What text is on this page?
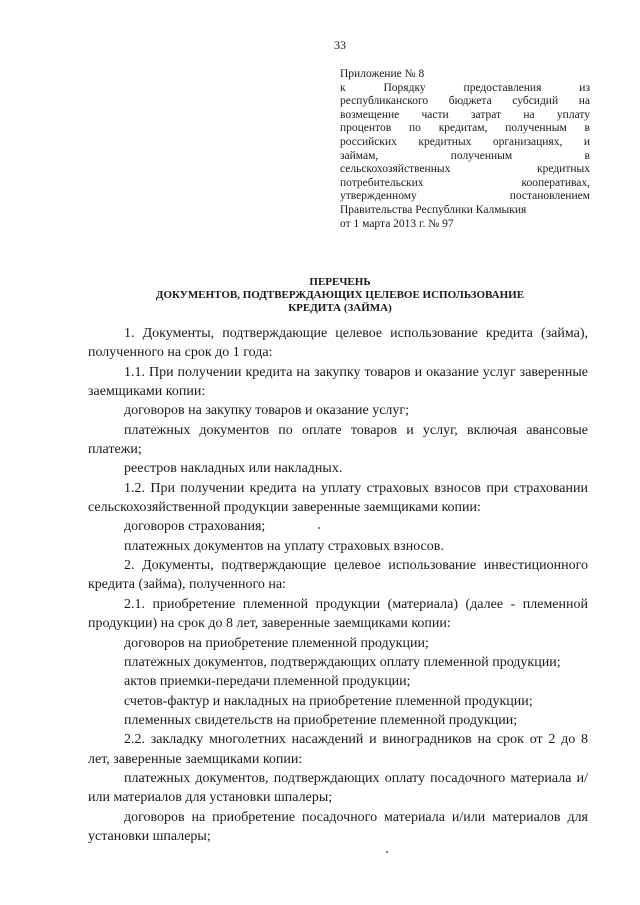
33
Приложение № 8
к Порядку предоставления из
республиканского бюджета субсидий на
возмещение части затрат на уплату
процентов по кредитам, полученным в
российских кредитных организациях, и
займам, полученным в
сельскохозяйственных кредитных
потребительских кооперативах,
утвержденному постановлением
Правительства Республики Калмыкия
от 1 марта 2013 г. № 97
ПЕРЕЧЕНЬ
ДОКУМЕНТОВ, ПОДТВЕРЖДАЮЩИХ ЦЕЛЕВОЕ ИСПОЛЬЗОВАНИЕ
КРЕДИТА (ЗАЙМА)

1. Документы, подтверждающие целевое использование кредита (займа), полученного на срок до 1 года:

1.1. При получении кредита на закупку товаров и оказание услуг заверенные заемщиками копии:

договоров на закупку товаров и оказание услуг;

платежных документов по оплате товаров и услуг, включая авансовые платежи;

реестров накладных или накладных.

1.2. При получении кредита на уплату страховых взносов при страховании сельскохозяйственной продукции заверенные заемщиками копии:

договоров страхования;

платежных документов на уплату страховых взносов.

2. Документы, подтверждающие целевое использование инвестиционного кредита (займа), полученного на:

2.1. приобретение племенной продукции (материала) (далее - племенной продукции) на срок до 8 лет, заверенные заемщиками копии:

договоров на приобретение племенной продукции;

платежных документов, подтверждающих оплату племенной продукции;

актов приемки-передачи племенной продукции;

счетов-фактур и накладных на приобретение племенной продукции;

племенных свидетельств на приобретение племенной продукции;

2.2. закладку многолетних насаждений и виноградников на срок от 2 до 8 лет, заверенные заемщиками копии:

платежных документов, подтверждающих оплату посадочного материала и/или материалов для установки шпалеры;

договоров на приобретение посадочного материала и/или материалов для установки шпалеры;
